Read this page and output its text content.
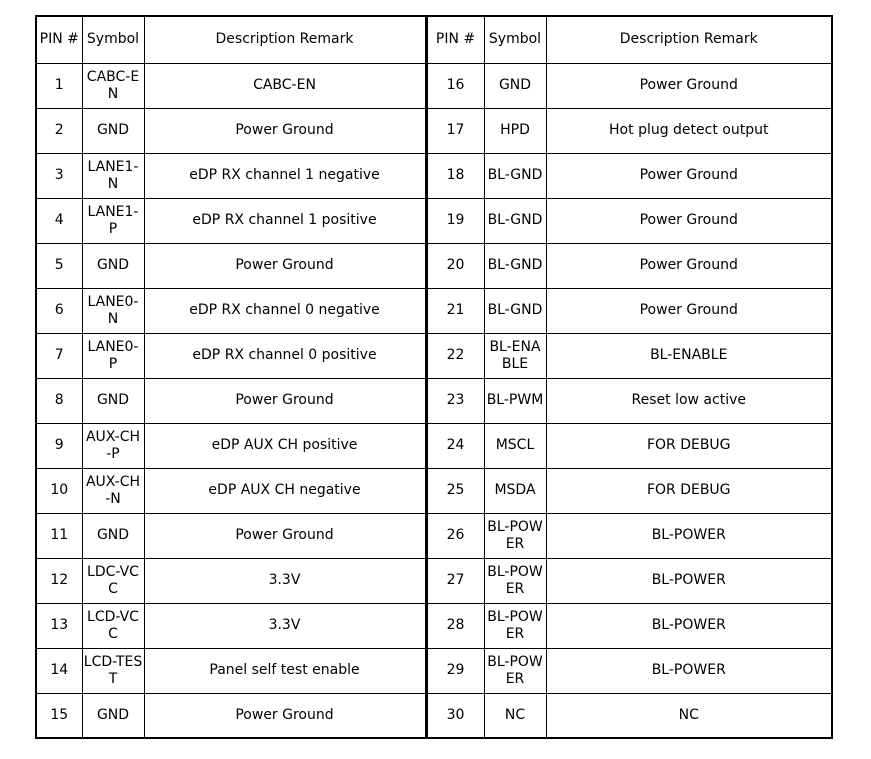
PIN #	Symbol	Description Remark	PIN #	Symbol	Description Remark
1	CABC-EN	CABC-EN	16	GND	Power Ground
2	GND	Power Ground	17	HPD	Hot plug detect output
3	LANE1-N	eDP RX channel 1 negative	18	BL-GND	Power Ground
4	LANE1-P	eDP RX channel 1 positive	19	BL-GND	Power Ground
5	GND	Power Ground	20	BL-GND	Power Ground
6	LANE0-N	eDP RX channel 0 negative	21	BL-GND	Power Ground
7	LANE0-P	eDP RX channel 0 positive	22	BL-ENABLE	BL-ENABLE
8	GND	Power Ground	23	BL-PWM	Reset low active
9	AUX-CH-P	eDP AUX CH positive	24	MSCL	FOR DEBUG
10	AUX-CH-N	eDP AUX CH negative	25	MSDA	FOR DEBUG
11	GND	Power Ground	26	BL-POWER	BL-POWER
12	LDC-VCC	3.3V	27	BL-POWER	BL-POWER
13	LCD-VCC	3.3V	28	BL-POWER	BL-POWER
14	LCD-TEST	Panel self test enable	29	BL-POWER	BL-POWER
15	GND	Power Ground	30	NC	NC
